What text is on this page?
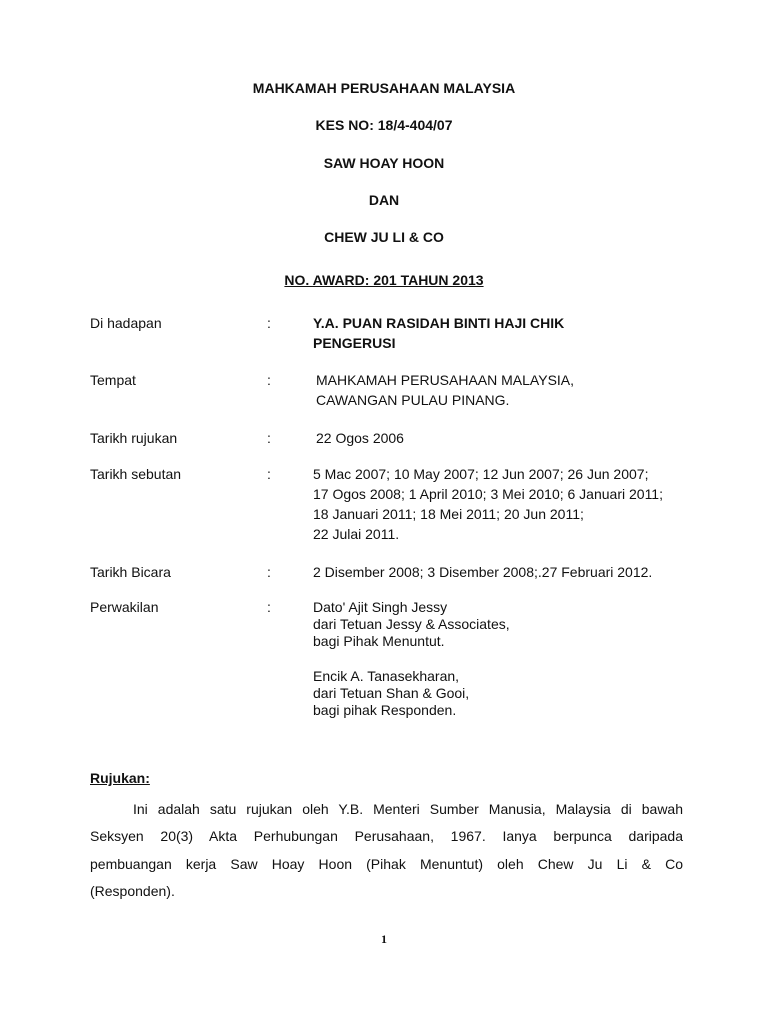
MAHKAMAH PERUSAHAAN MALAYSIA
KES NO: 18/4-404/07
SAW HOAY HOON
DAN
CHEW JU LI & CO
NO. AWARD: 201 TAHUN 2013
Di hadapan	:	Y.A. PUAN RASIDAH BINTI HAJI CHIK
PENGERUSI
Tempat	:	MAHKAMAH PERUSAHAAN MALAYSIA,
CAWANGAN PULAU PINANG.
Tarikh rujukan	:	22 Ogos 2006
Tarikh sebutan	:	5 Mac 2007; 10 May 2007; 12 Jun 2007; 26 Jun 2007;
17 Ogos 2008; 1 April 2010; 3 Mei 2010; 6 Januari 2011;
18 Januari 2011; 18 Mei 2011; 20 Jun 2011;
22 Julai 2011.
Tarikh Bicara	:	2 Disember 2008; 3 Disember 2008;.27 Februari 2012.
Perwakilan	:	Dato' Ajit Singh Jessy
dari Tetuan Jessy & Associates,
bagi Pihak Menuntut.
Encik A. Tanasekharan,
dari Tetuan Shan & Gooi,
bagi pihak Responden.
Rujukan:
Ini adalah satu rujukan oleh Y.B. Menteri Sumber Manusia, Malaysia di bawah
Seksyen 20(3) Akta Perhubungan Perusahaan, 1967. Ianya berpunca daripada
pembuangan kerja Saw Hoay Hoon (Pihak Menuntut) oleh Chew Ju Li & Co
(Responden).
1
